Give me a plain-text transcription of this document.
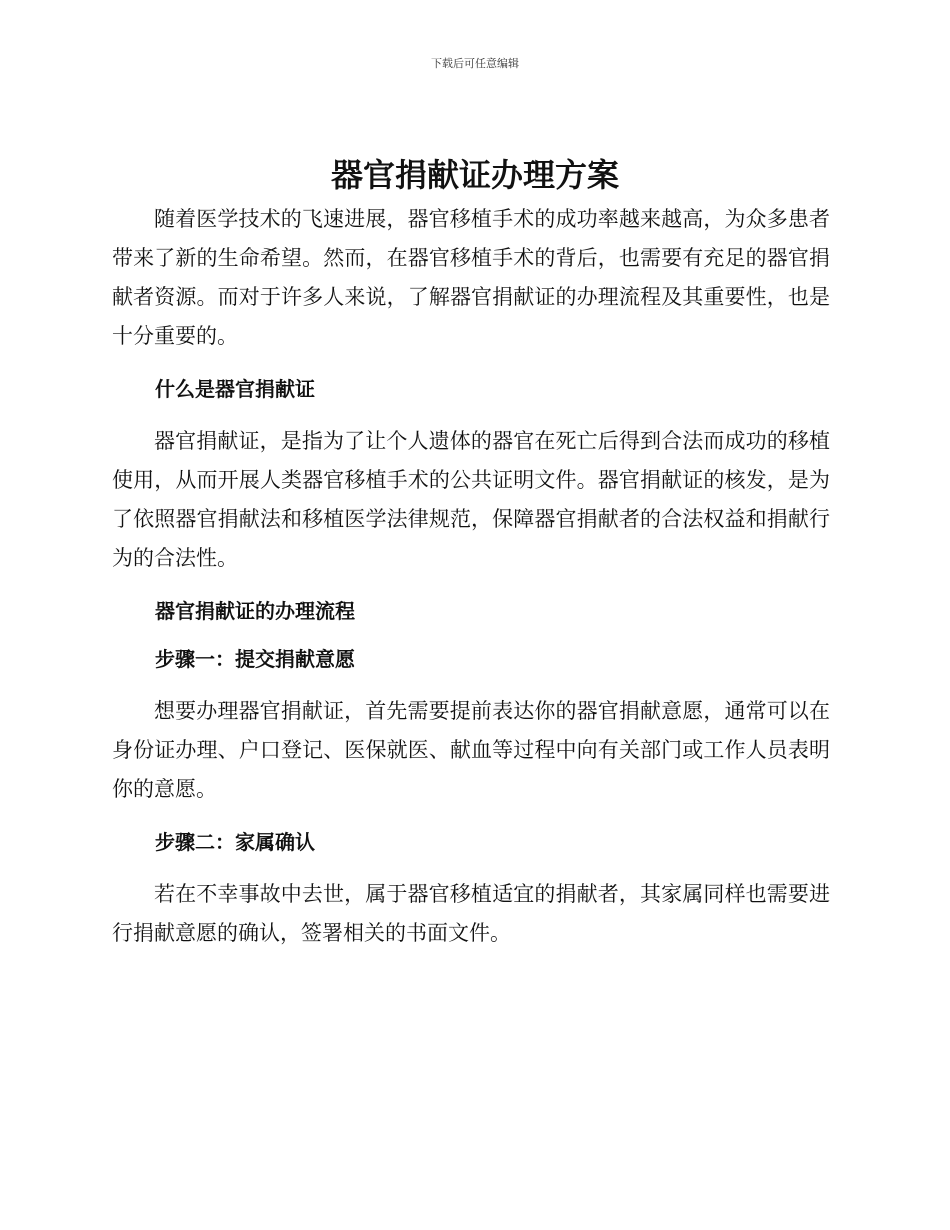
下载后可任意编辑
器官捐献证办理方案

随着医学技术的飞速进展，器官移植手术的成功率越来越高，为众多患者带来了新的生命希望。然而，在器官移植手术的背后，也需要有充足的器官捐献者资源。而对于许多人来说，了解器官捐献证的办理流程及其重要性，也是十分重要的。

什么是器官捐献证

器官捐献证，是指为了让个人遗体的器官在死亡后得到合法而成功的移植使用，从而开展人类器官移植手术的公共证明文件。器官捐献证的核发，是为了依照器官捐献法和移植医学法律规范，保障器官捐献者的合法权益和捐献行为的合法性。

器官捐献证的办理流程

步骤一：提交捐献意愿

想要办理器官捐献证，首先需要提前表达你的器官捐献意愿，通常可以在身份证办理、户口登记、医保就医、献血等过程中向有关部门或工作人员表明你的意愿。

步骤二：家属确认

若在不幸事故中去世，属于器官移植适宜的捐献者，其家属同样也需要进行捐献意愿的确认，签署相关的书面文件。
